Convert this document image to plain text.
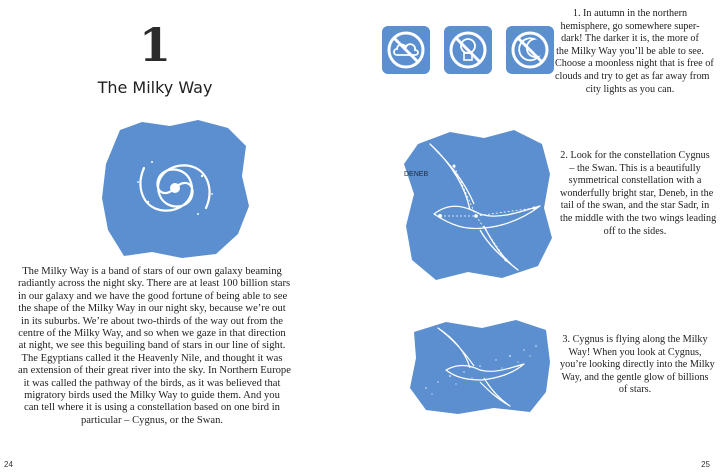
1
The Milky Way
The Milky Way is a band of stars of our own galaxy beaming
radiantly across the night sky. There are at least 100 billion stars
in our galaxy and we have the good fortune of being able to see
the shape of the Milky Way in our night sky, because we’re out
in its suburbs. We’re about two-thirds of the way out from the
centre of the Milky Way, and so when we gaze in that direction
at night, we see this beguiling band of stars in our line of sight.
The Egyptians called it the Heavenly Nile, and thought it was
an extension of their great river into the sky. In Northern Europe
it was called the pathway of the birds, as it was believed that
migratory birds used the Milky Way to guide them. And you
can tell where it is using a constellation based on one bird in
particular – Cygnus, or the Swan.
24
1. In autumn in the northern
hemisphere, go somewhere super-
dark! The darker it is, the more of
the Milky Way you’ll be able to see.
Choose a moonless night that is free of
clouds and try to get as far away from
city lights as you can.
DENEB
2. Look for the constellation Cygnus
– the Swan. This is a beautifully
symmetrical constellation with a
wonderfully bright star, Deneb, in the
tail of the swan, and the star Sadr, in
the middle with the two wings leading
off to the sides.
3. Cygnus is flying along the Milky
Way! When you look at Cygnus,
you’re looking directly into the Milky
Way, and the gentle glow of billions
of stars.
25
